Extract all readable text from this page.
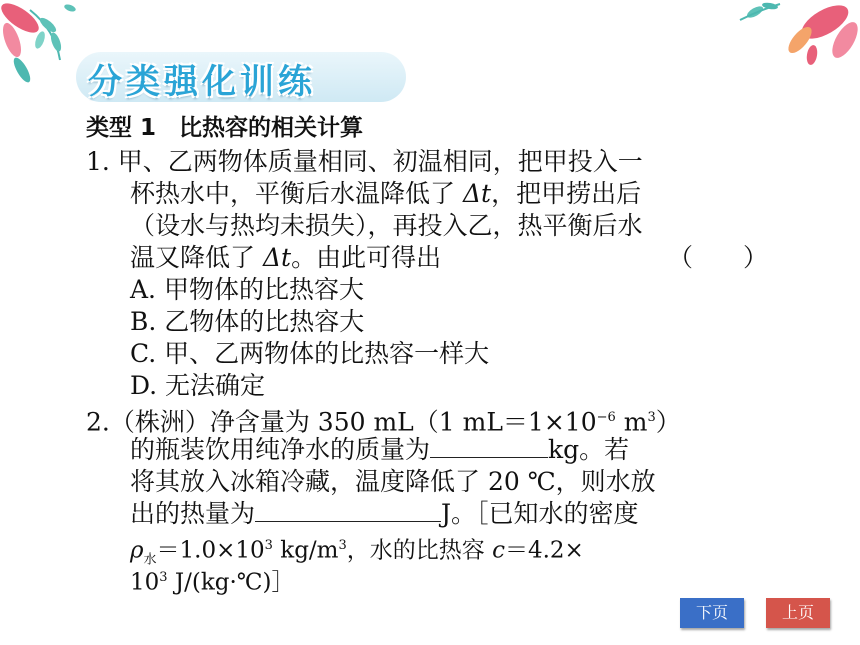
分类强化训练
类型 1　比热容的相关计算
1. 甲、乙两物体质量相同、初温相同，把甲投入一
杯热水中，平衡后水温降低了 Δt，把甲捞出后
（设水与热均未损失），再投入乙，热平衡后水
温又降低了 Δt。由此可得出	（　　）
A. 甲物体的比热容大
B. 乙物体的比热容大
C. 甲、乙两物体的比热容一样大
D. 无法确定
2.（株洲）净含量为 350 mL（1 $mL=1\times 10^{-6}$ $m^3$）
的瓶装饮用纯净水的质量为	kg。若
将其放入冰箱冷藏，温度降低了 20 ℃，则水放
出的热量为	J。［已知水的密度
$\rho_水=1.0\times 10^3$ $kg/m^3$，水的比热容 c＝4.2×
$10^3$ J/(kg·℃)］
下页	上页
